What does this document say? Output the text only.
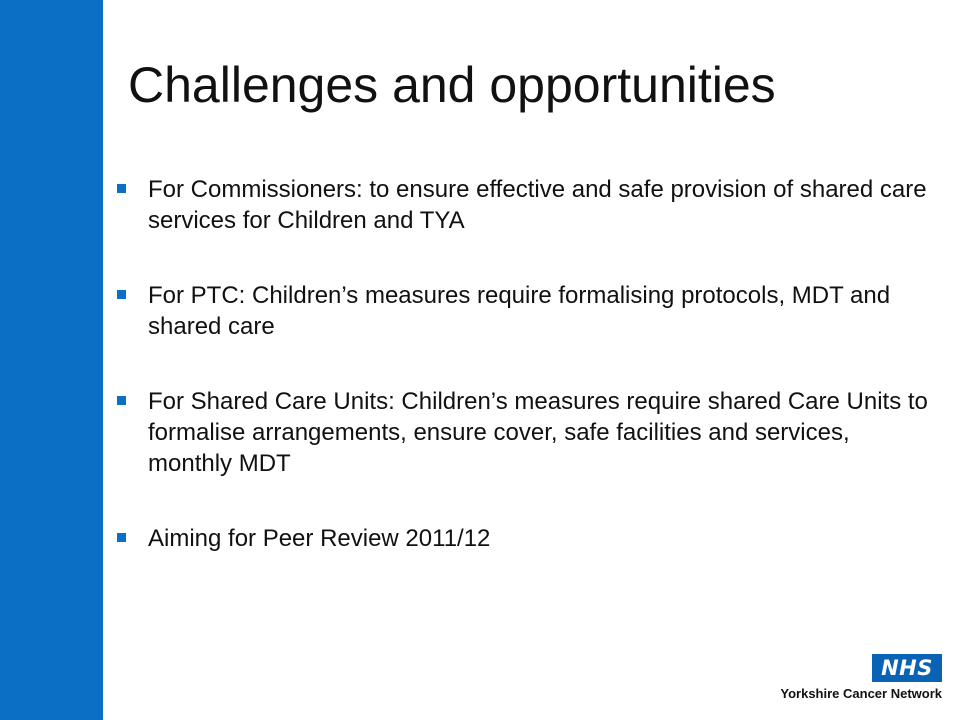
Challenges and opportunities
For Commissioners: to ensure effective and safe provision of shared care services for Children and TYA
For PTC: Children’s measures require formalising protocols, MDT and shared care
For Shared Care Units: Children’s measures require shared Care Units to formalise arrangements, ensure cover, safe facilities and services, monthly MDT
Aiming for Peer Review 2011/12
NHS
Yorkshire Cancer Network
